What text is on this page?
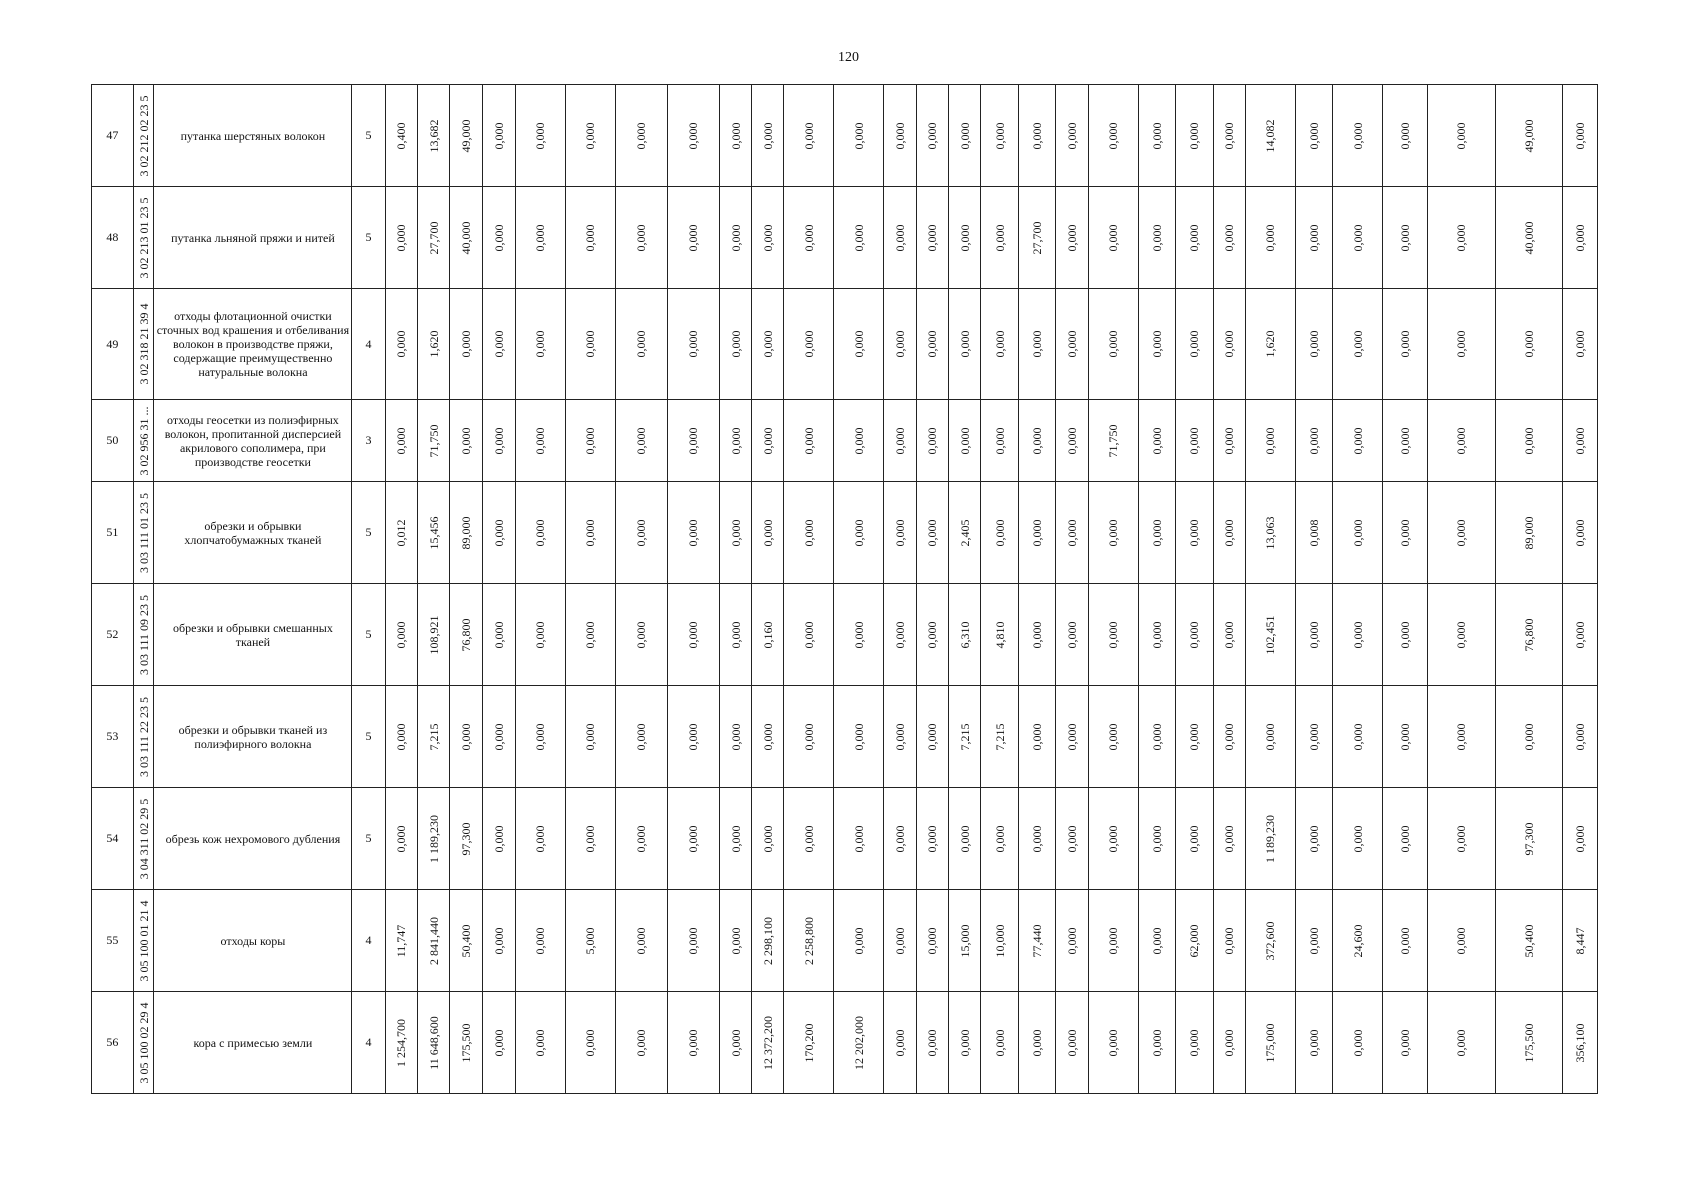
120
47	3 02 212 02 23 5	путанка шерстяных волокон	5	0,400	13,682	49,000	0,000	0,000	0,000	0,000	0,000	0,000	0,000	0,000	0,000	0,000	0,000	0,000	0,000	0,000	0,000	0,000	0,000	0,000	0,000	14,082	0,000	0,000	0,000	0,000	49,000	0,000

48	3 02 213 01 23 5	путанка льняной пряжи и нитей	5	0,000	27,700	40,000	0,000	0,000	0,000	0,000	0,000	0,000	0,000	0,000	0,000	0,000	0,000	0,000	0,000	27,700	0,000	0,000	0,000	0,000	0,000	0,000	0,000	0,000	0,000	0,000	40,000	0,000

49	3 02 318 21 39 4	отходы флотационной очистки сточных вод крашения и отбеливания волокон в производстве пряжи, содержащие преимущественно натуральные волокна	4	0,000	1,620	0,000	0,000	0,000	0,000	0,000	0,000	0,000	0,000	0,000	0,000	0,000	0,000	0,000	0,000	0,000	0,000	0,000	0,000	0,000	0,000	1,620	0,000	0,000	0,000	0,000	0,000	0,000

50	3 02 956 31 ...	отходы геосетки из полиэфирных волокон, пропитанной дисперсией акрилового сополимера, при производстве геосетки	3	0,000	71,750	0,000	0,000	0,000	0,000	0,000	0,000	0,000	0,000	0,000	0,000	0,000	0,000	0,000	0,000	0,000	0,000	71,750	0,000	0,000	0,000	0,000	0,000	0,000	0,000	0,000	0,000	0,000

51	3 03 111 01 23 5	обрезки и обрывки хлопчатобумажных тканей	5	0,012	15,456	89,000	0,000	0,000	0,000	0,000	0,000	0,000	0,000	0,000	0,000	0,000	0,000	2,405	0,000	0,000	0,000	0,000	0,000	0,000	0,000	13,063	0,008	0,000	0,000	0,000	89,000	0,000

52	3 03 111 09 23 5	обрезки и обрывки смешанных тканей	5	0,000	108,921	76,800	0,000	0,000	0,000	0,000	0,000	0,000	0,160	0,000	0,000	0,000	0,000	6,310	4,810	0,000	0,000	0,000	0,000	0,000	0,000	102,451	0,000	0,000	0,000	0,000	76,800	0,000

53	3 03 111 22 23 5	обрезки и обрывки тканей из полиэфирного волокна	5	0,000	7,215	0,000	0,000	0,000	0,000	0,000	0,000	0,000	0,000	0,000	0,000	0,000	0,000	7,215	7,215	0,000	0,000	0,000	0,000	0,000	0,000	0,000	0,000	0,000	0,000	0,000	0,000	0,000

54	3 04 311 02 29 5	обрезь кож нехромового дубления	5	0,000	1 189,230	97,300	0,000	0,000	0,000	0,000	0,000	0,000	0,000	0,000	0,000	0,000	0,000	0,000	0,000	0,000	0,000	0,000	0,000	0,000	0,000	1 189,230	0,000	0,000	0,000	0,000	97,300	0,000

55	3 05 100 01 21 4	отходы коры	4	11,747	2 841,440	50,400	0,000	0,000	5,000	0,000	0,000	0,000	2 298,100	2 258,800	0,000	0,000	0,000	15,000	10,000	77,440	0,000	0,000	0,000	62,000	0,000	372,600	0,000	24,600	0,000	0,000	50,400	8,447

56	3 05 100 02 29 4	кора с примесью земли	4	1 254,700	11 648,600	175,500	0,000	0,000	0,000	0,000	0,000	0,000	12 372,200	170,200	12 202,000	0,000	0,000	0,000	0,000	0,000	0,000	0,000	0,000	0,000	0,000	175,000	0,000	0,000	0,000	0,000	175,500	356,100
